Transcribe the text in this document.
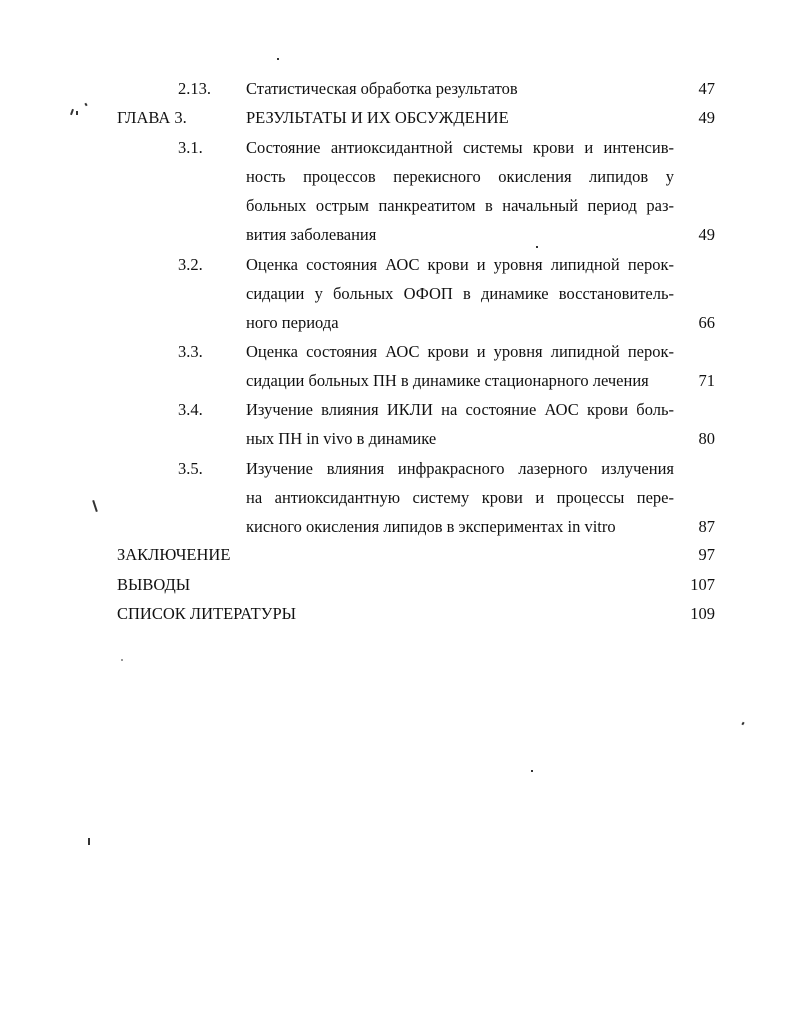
2.13. Статистическая обработка результатов	47
ГЛАВА 3.	РЕЗУЛЬТАТЫ И ИХ ОБСУЖДЕНИЕ	49
3.1.	Состояние антиоксидантной системы крови и интенсив-
ность процессов перекисного окисления липидов у
больных острым панкреатитом в начальный период раз-
вития заболевания	49
3.2.	Оценка состояния АОС крови и уровня липидной перок-
сидации у больных ОФОП в динамике восстановитель-
ного периода	66
3.3.	Оценка состояния АОС крови и уровня липидной перок-
сидации больных ПН в динамике стационарного лечения	71
3.4.	Изучение влияния ИКЛИ на состояние АОС крови боль-
ных ПН in vivo в динамике	80
3.5.	Изучение влияния инфракрасного лазерного излучения
на антиоксидантную систему крови и процессы пере-
кисного окисления липидов в экспериментах in vitro	87
ЗАКЛЮЧЕНИЕ	97
ВЫВОДЫ	107
СПИСОК ЛИТЕРАТУРЫ	109
